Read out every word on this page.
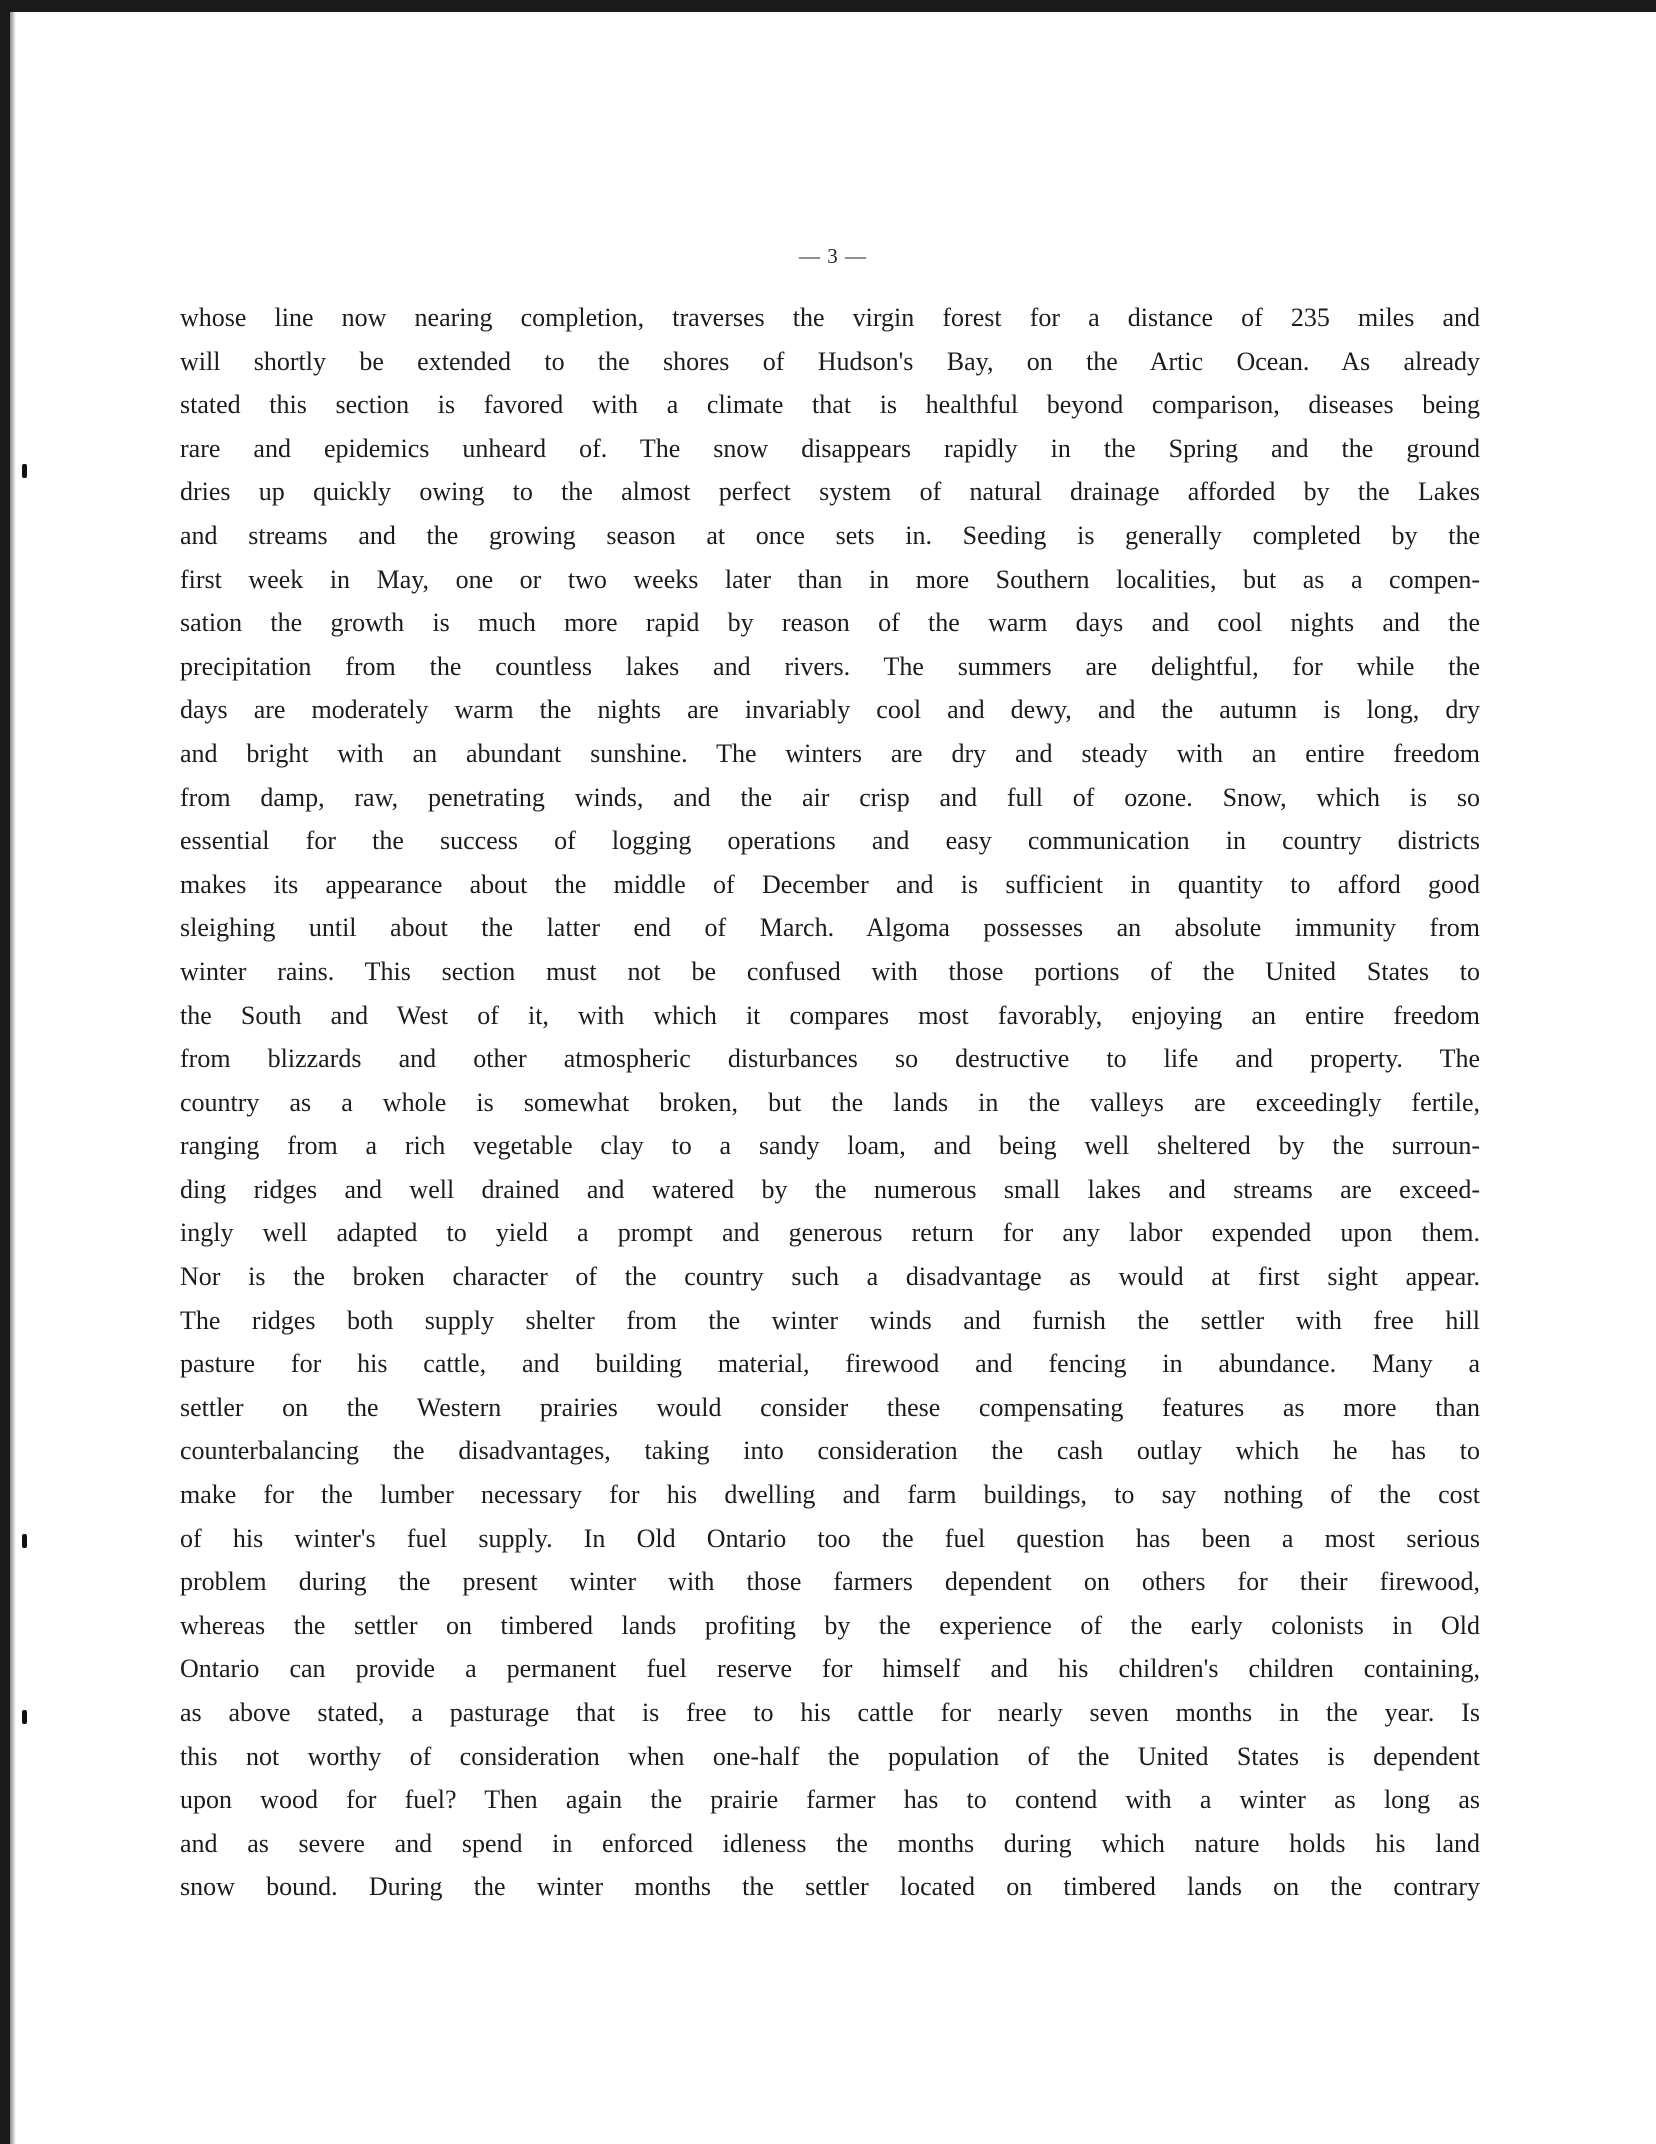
— 3 —
whose line now nearing completion, traverses the virgin forest for a distance of 235 miles and
will shortly be extended to the shores of Hudson's Bay, on the Artic Ocean. As already
stated this section is favored with a climate that is healthful beyond comparison, diseases being
rare and epidemics unheard of. The snow disappears rapidly in the Spring and the ground
dries up quickly owing to the almost perfect system of natural drainage afforded by the Lakes
and streams and the growing season at once sets in. Seeding is generally completed by the
first week in May, one or two weeks later than in more Southern localities, but as a compen-
sation the growth is much more rapid by reason of the warm days and cool nights and the
precipitation from the countless lakes and rivers. The summers are delightful, for while the
days are moderately warm the nights are invariably cool and dewy, and the autumn is long, dry
and bright with an abundant sunshine. The winters are dry and steady with an entire freedom
from damp, raw, penetrating winds, and the air crisp and full of ozone. Snow, which is so
essential for the success of logging operations and easy communication in country districts
makes its appearance about the middle of December and is sufficient in quantity to afford good
sleighing until about the latter end of March. Algoma possesses an absolute immunity from
winter rains. This section must not be confused with those portions of the United States to
the South and West of it, with which it compares most favorably, enjoying an entire freedom
from blizzards and other atmospheric disturbances so destructive to life and property. The
country as a whole is somewhat broken, but the lands in the valleys are exceedingly fertile,
ranging from a rich vegetable clay to a sandy loam, and being well sheltered by the surroun-
ding ridges and well drained and watered by the numerous small lakes and streams are exceed-
ingly well adapted to yield a prompt and generous return for any labor expended upon them.
Nor is the broken character of the country such a disadvantage as would at first sight appear.
The ridges both supply shelter from the winter winds and furnish the settler with free hill
pasture for his cattle, and building material, firewood and fencing in abundance. Many a
settler on the Western prairies would consider these compensating features as more than
counterbalancing the disadvantages, taking into consideration the cash outlay which he has to
make for the lumber necessary for his dwelling and farm buildings, to say nothing of the cost
of his winter's fuel supply. In Old Ontario too the fuel question has been a most serious
problem during the present winter with those farmers dependent on others for their firewood,
whereas the settler on timbered lands profiting by the experience of the early colonists in Old
Ontario can provide a permanent fuel reserve for himself and his children's children containing,
as above stated, a pasturage that is free to his cattle for nearly seven months in the year. Is
this not worthy of consideration when one-half the population of the United States is dependent
upon wood for fuel? Then again the prairie farmer has to contend with a winter as long as
and as severe and spend in enforced idleness the months during which nature holds his land
snow bound. During the winter months the settler located on timbered lands on the contrary
